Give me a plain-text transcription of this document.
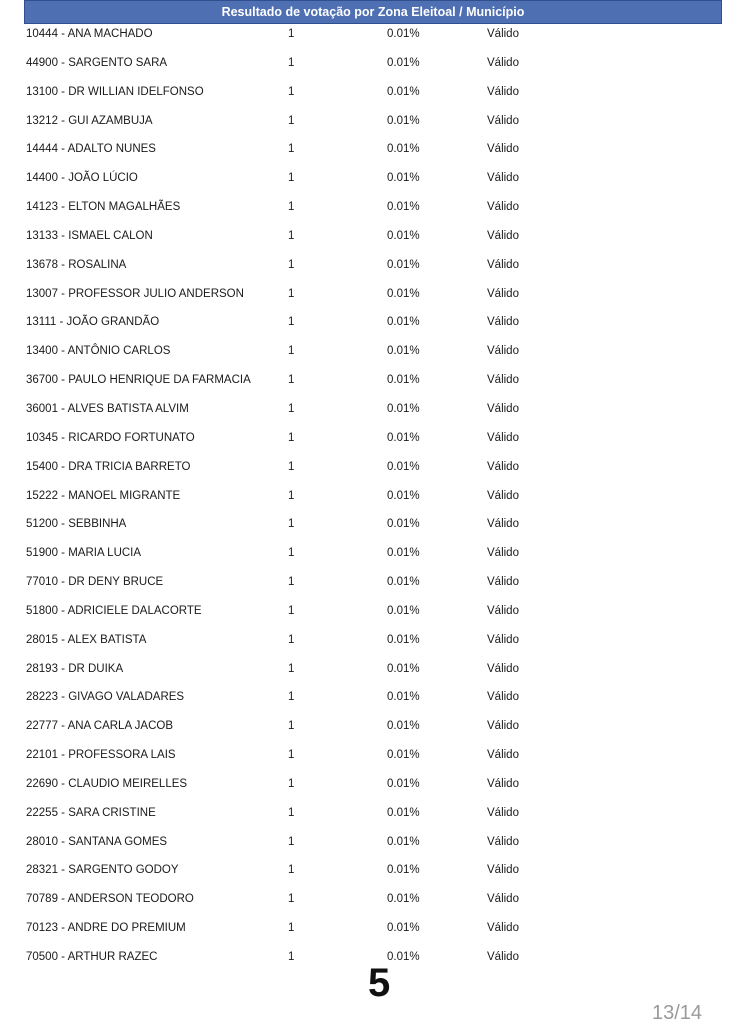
Resultado de votação por Zona Eleitoal / Município
10444 - ANA MACHADO	1	0.01%	Válido
44900 - SARGENTO SARA	1	0.01%	Válido
13100 - DR WILLIAN IDELFONSO	1	0.01%	Válido
13212 - GUI AZAMBUJA	1	0.01%	Válido
14444 - ADALTO NUNES	1	0.01%	Válido
14400 - JOÃO LÚCIO	1	0.01%	Válido
14123 - ELTON MAGALHÃES	1	0.01%	Válido
13133 - ISMAEL CALON	1	0.01%	Válido
13678 - ROSALINA	1	0.01%	Válido
13007 - PROFESSOR JULIO ANDERSON	1	0.01%	Válido
13111 - JOÃO GRANDÃO	1	0.01%	Válido
13400 - ANTÔNIO CARLOS	1	0.01%	Válido
36700 - PAULO HENRIQUE DA FARMACIA	1	0.01%	Válido
36001 - ALVES BATISTA ALVIM	1	0.01%	Válido
10345 - RICARDO FORTUNATO	1	0.01%	Válido
15400 - DRA TRICIA BARRETO	1	0.01%	Válido
15222 - MANOEL MIGRANTE	1	0.01%	Válido
51200 - SEBBINHA	1	0.01%	Válido
51900 - MARIA LUCIA	1	0.01%	Válido
77010 - DR DENY BRUCE	1	0.01%	Válido
51800 - ADRICIELE DALACORTE	1	0.01%	Válido
28015 - ALEX BATISTA	1	0.01%	Válido
28193 - DR DUIKA	1	0.01%	Válido
28223 - GIVAGO VALADARES	1	0.01%	Válido
22777 - ANA CARLA JACOB	1	0.01%	Válido
22101 - PROFESSORA LAIS	1	0.01%	Válido
22690 - CLAUDIO MEIRELLES	1	0.01%	Válido
22255 - SARA CRISTINE	1	0.01%	Válido
28010 - SANTANA GOMES	1	0.01%	Válido
28321 - SARGENTO GODOY	1	0.01%	Válido
70789 - ANDERSON TEODORO	1	0.01%	Válido
70123 - ANDRE DO PREMIUM	1	0.01%	Válido
70500 - ARTHUR RAZEC	1	0.01%	Válido
5
13/14
